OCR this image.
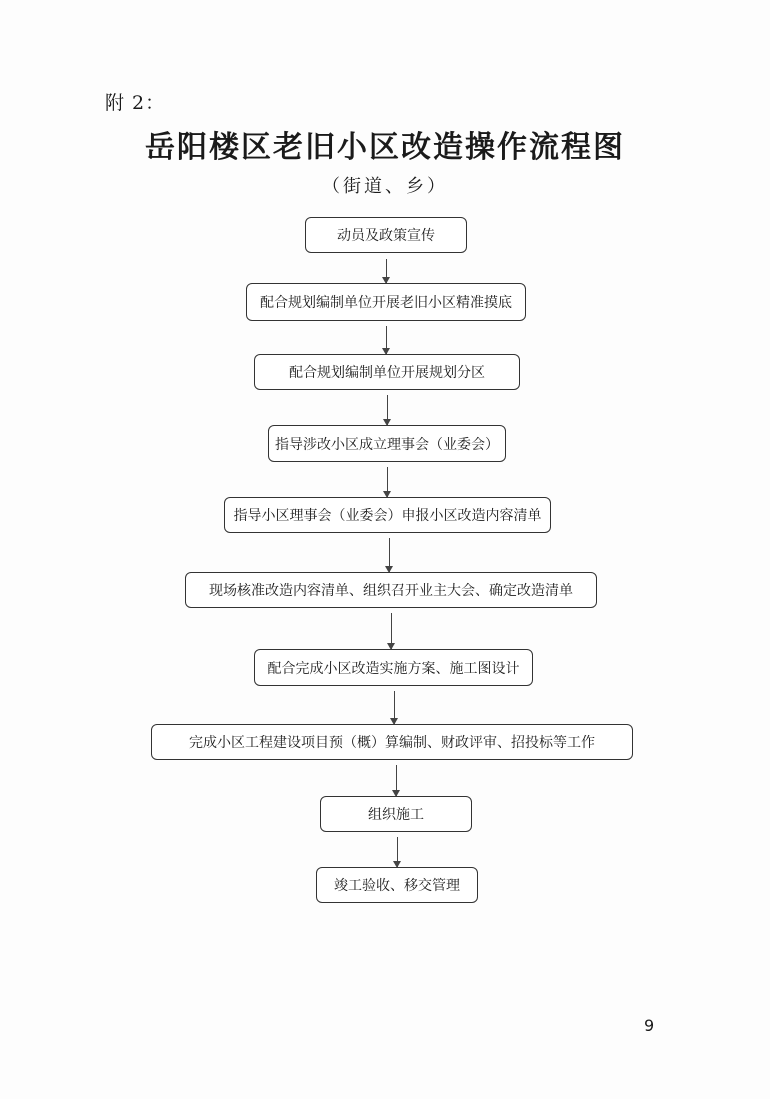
附 2：
岳阳楼区老旧小区改造操作流程图
（街道、乡）
动员及政策宣传
配合规划编制单位开展老旧小区精准摸底
配合规划编制单位开展规划分区
指导涉改小区成立理事会（业委会）
指导小区理事会（业委会）申报小区改造内容清单
现场核准改造内容清单、组织召开业主大会、确定改造清单
配合完成小区改造实施方案、施工图设计
完成小区工程建设项目预（概）算编制、财政评审、招投标等工作
组织施工
竣工验收、移交管理
9
